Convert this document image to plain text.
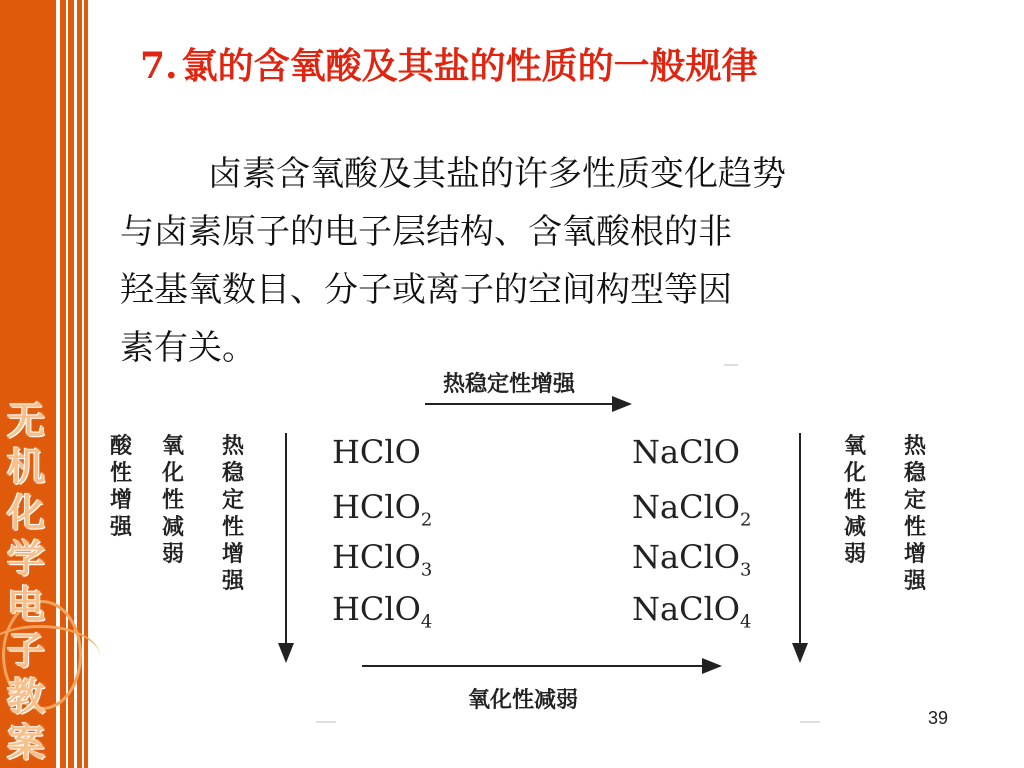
无
机
化
学
电
子
教
案
7. 氯的含氧酸及其盐的性质的一般规律

卤素含氧酸及其盐的许多性质变化趋势

与卤素原子的电子层结构、含氧酸根的非

羟基氧数目、分子或离子的空间构型等因

素有关。

热稳定性增强
氧化性减弱
酸性增强
氧化性减弱
热稳定性增强
氧化性减弱
热稳定性增强
HClO
HClO$_2$
HClO$_3$
HClO$_4$
NaClO
NaClO$_2$
NaClO$_3$
NaClO$_4$
39
